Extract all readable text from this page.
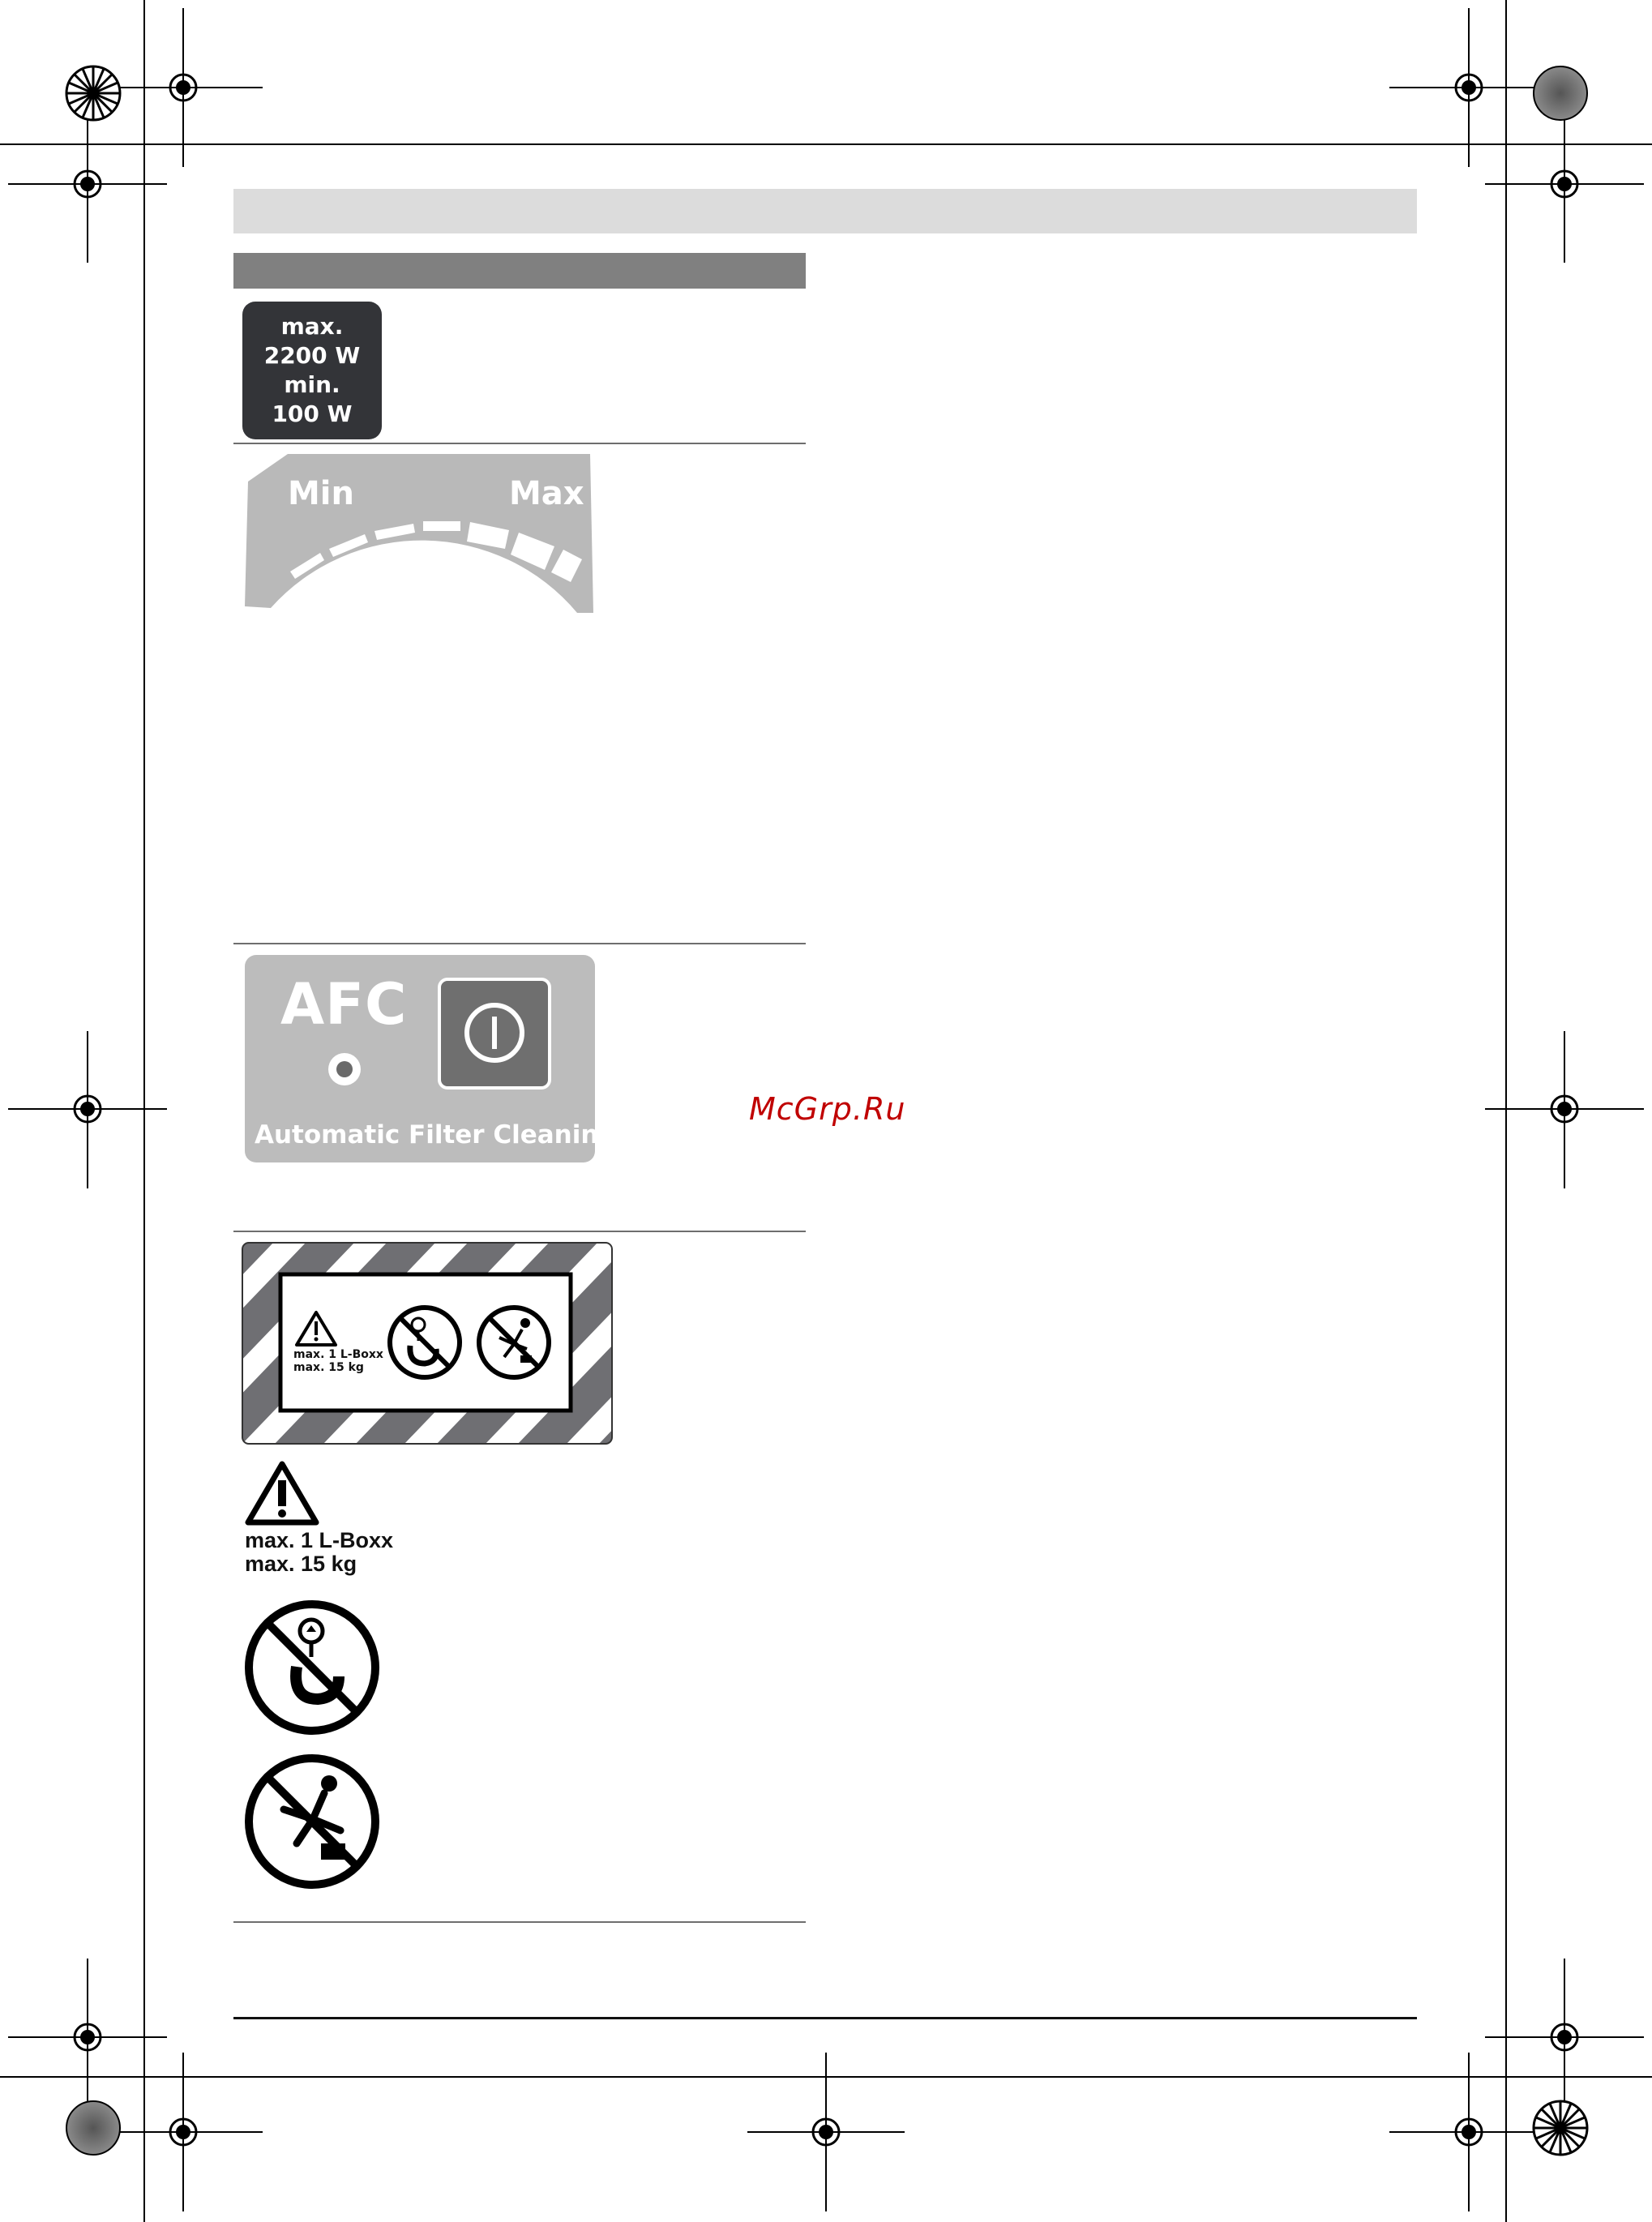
max.
2200 W
min.
100 W
Min	Max
AFC
Automatic Filter Cleaning
McGrp.Ru
max. 1 L-Boxx
max. 15 kg
max. 1 L-Boxx
max. 15 kg
